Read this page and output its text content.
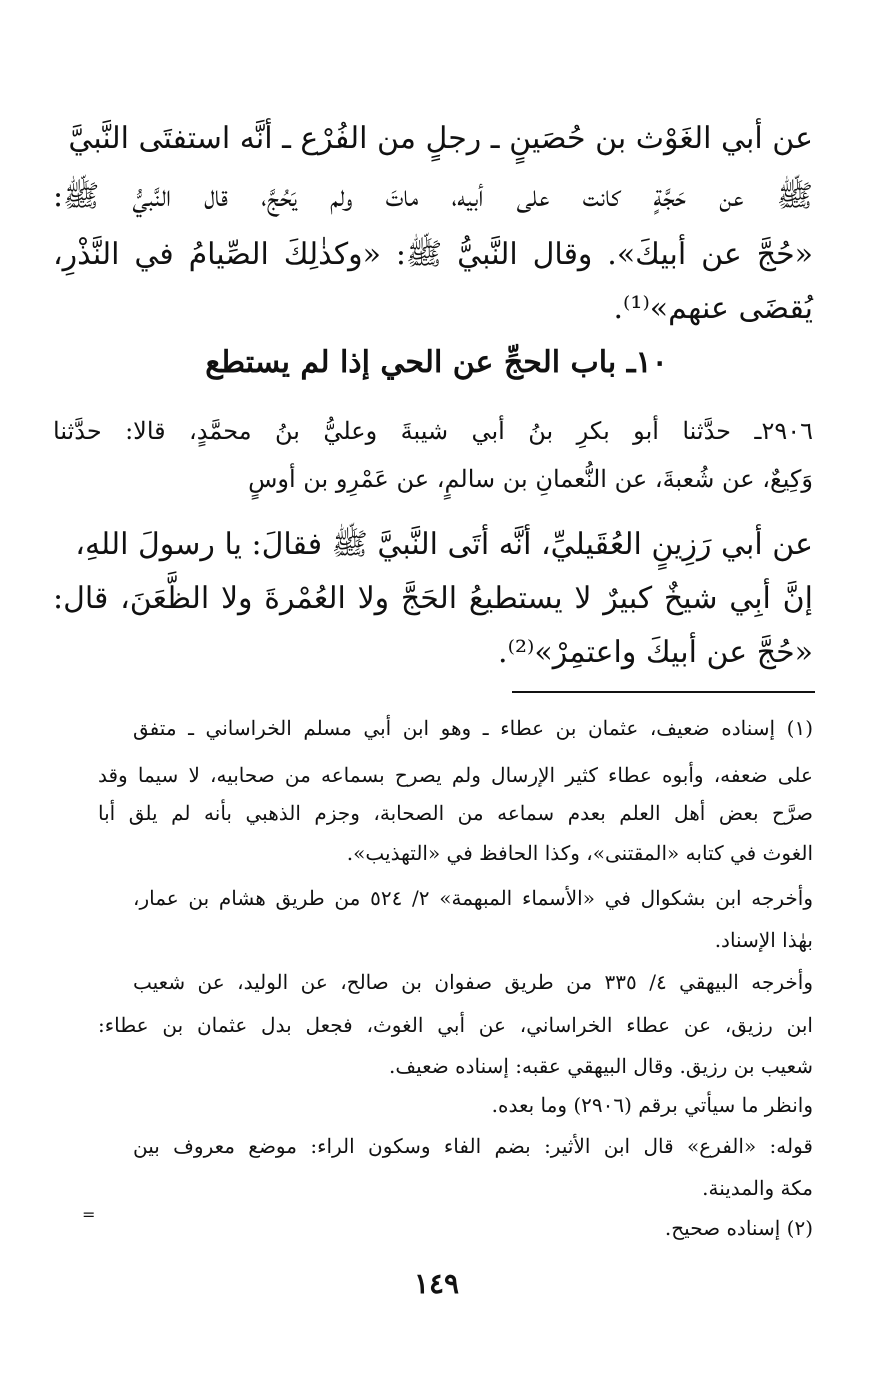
عن أبي الغَوْث بن حُصَينٍ ـ رجلٍ من الفُرْع ـ أنَّه استفتَى النَّبيَّ
ﷺ عن حَجَّةٍ كانت على أبيه، ماتَ ولم يَحُجَّ، قال النَّبيُّ ﷺ:
«حُجَّ عن أبيكَ». وقال النَّبيُّ ﷺ: «وكذٰلِكَ الصِّيامُ في النَّذْرِ،
يُقضَى عنهم»⁽¹⁾.
١٠ـ باب الحجِّ عن الحي إذا لم يستطع
٢٩٠٦ـ حدَّثنا أبو بكرِ بنُ أبي شيبةَ وعليُّ بنُ محمَّدٍ، قالا: حدَّثنا
وَكِيعٌ، عن شُعبةَ، عن النُّعمانِ بن سالمٍ، عن عَمْرِو بن أوسٍ
عن أبي رَزِينٍ العُقَيليِّ، أنَّه أتَى النَّبيَّ ﷺ فقالَ: يا رسولَ اللهِ،
إنَّ أبِي شيخٌ كبيرٌ لا يستطيعُ الحَجَّ ولا العُمْرةَ ولا الظَّعَنَ، قال:
«حُجَّ عن أبيكَ واعتمِرْ»⁽²⁾.
(١) إسناده ضعيف، عثمان بن عطاء ـ وهو ابن أبي مسلم الخراساني ـ متفق
على ضعفه، وأبوه عطاء كثير الإرسال ولم يصرح بسماعه من صحابيه، لا سيما وقد
صرَّح بعض أهل العلم بعدم سماعه من الصحابة، وجزم الذهبي بأنه لم يلق أبا
الغوث في كتابه «المقتنى»، وكذا الحافظ في «التهذيب».
وأخرجه ابن بشكوال في «الأسماء المبهمة» ٢/ ٥٢٤ من طريق هشام بن عمار،
بهٰذا الإسناد.
وأخرجه البيهقي ٤/ ٣٣٥ من طريق صفوان بن صالح، عن الوليد، عن شعيب
ابن رزيق، عن عطاء الخراساني، عن أبي الغوث، فجعل بدل عثمان بن عطاء:
شعيب بن رزيق. وقال البيهقي عقبه: إسناده ضعيف.
وانظر ما سيأتي برقم (٢٩٠٦) وما بعده.
قوله: «الفرع» قال ابن الأثير: بضم الفاء وسكون الراء: موضع معروف بين
مكة والمدينة.
(٢) إسناده صحيح.
=
١٤٩
